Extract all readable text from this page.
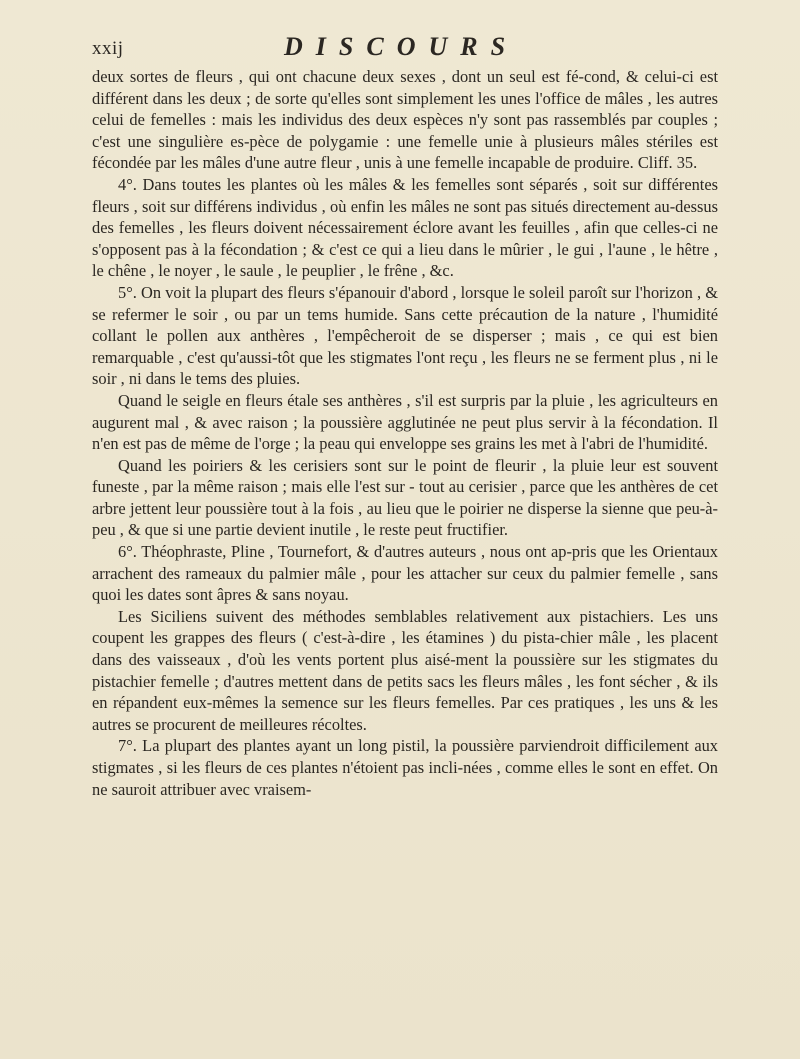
xxij	DISCOURS

deux sortes de fleurs , qui ont chacune deux sexes , dont un seul est fé-cond, & celui-ci est différent dans les deux ; de sorte qu'elles sont simplement les unes l'office de mâles , les autres celui de femelles : mais les individus des deux espèces n'y sont pas rassemblés par couples ; c'est une singulière es-pèce de polygamie : une femelle unie à plusieurs mâles stériles est fécondée par les mâles d'une autre fleur , unis à une femelle incapable de produire. Cliff. 35.

4°. Dans toutes les plantes où les mâles & les femelles sont séparés , soit sur différentes fleurs , soit sur différens individus , où enfin les mâles ne sont pas situés directement au-dessus des femelles , les fleurs doivent nécessairement éclore avant les feuilles , afin que celles-ci ne s'opposent pas à la fécondation ; & c'est ce qui a lieu dans le mûrier , le gui , l'aune , le hêtre , le chêne , le noyer , le saule , le peuplier , le frêne , &c.

5°. On voit la plupart des fleurs s'épanouir d'abord , lorsque le soleil paroît sur l'horizon , & se refermer le soir , ou par un tems humide. Sans cette précaution de la nature , l'humidité collant le pollen aux anthères , l'empêcheroit de se disperser ; mais , ce qui est bien remarquable , c'est qu'aussi-tôt que les stigmates l'ont reçu , les fleurs ne se ferment plus , ni le soir , ni dans le tems des pluies.

Quand le seigle en fleurs étale ses anthères , s'il est surpris par la pluie , les agriculteurs en augurent mal , & avec raison ; la poussière agglutinée ne peut plus servir à la fécondation. Il n'en est pas de même de l'orge ; la peau qui enveloppe ses grains les met à l'abri de l'humidité.

Quand les poiriers & les cerisiers sont sur le point de fleurir , la pluie leur est souvent funeste , par la même raison ; mais elle l'est sur - tout au cerisier , parce que les anthères de cet arbre jettent leur poussière tout à la fois , au lieu que le poirier ne disperse la sienne que peu-à-peu , & que si une partie devient inutile , le reste peut fructifier.

6°. Théophraste, Pline , Tournefort, & d'autres auteurs , nous ont ap-pris que les Orientaux arrachent des rameaux du palmier mâle , pour les attacher sur ceux du palmier femelle , sans quoi les dates sont âpres & sans noyau.

Les Siciliens suivent des méthodes semblables relativement aux pistachiers. Les uns coupent les grappes des fleurs ( c'est-à-dire , les étamines ) du pista-chier mâle , les placent dans des vaisseaux , d'où les vents portent plus aisé-ment la poussière sur les stigmates du pistachier femelle ; d'autres mettent dans de petits sacs les fleurs mâles , les font sécher , & ils en répandent eux-mêmes la semence sur les fleurs femelles. Par ces pratiques , les uns & les autres se procurent de meilleures récoltes.

7°. La plupart des plantes ayant un long pistil, la poussière parviendroit difficilement aux stigmates , si les fleurs de ces plantes n'étoient pas incli-nées , comme elles le sont en effet. On ne sauroit attribuer avec vraisem-
